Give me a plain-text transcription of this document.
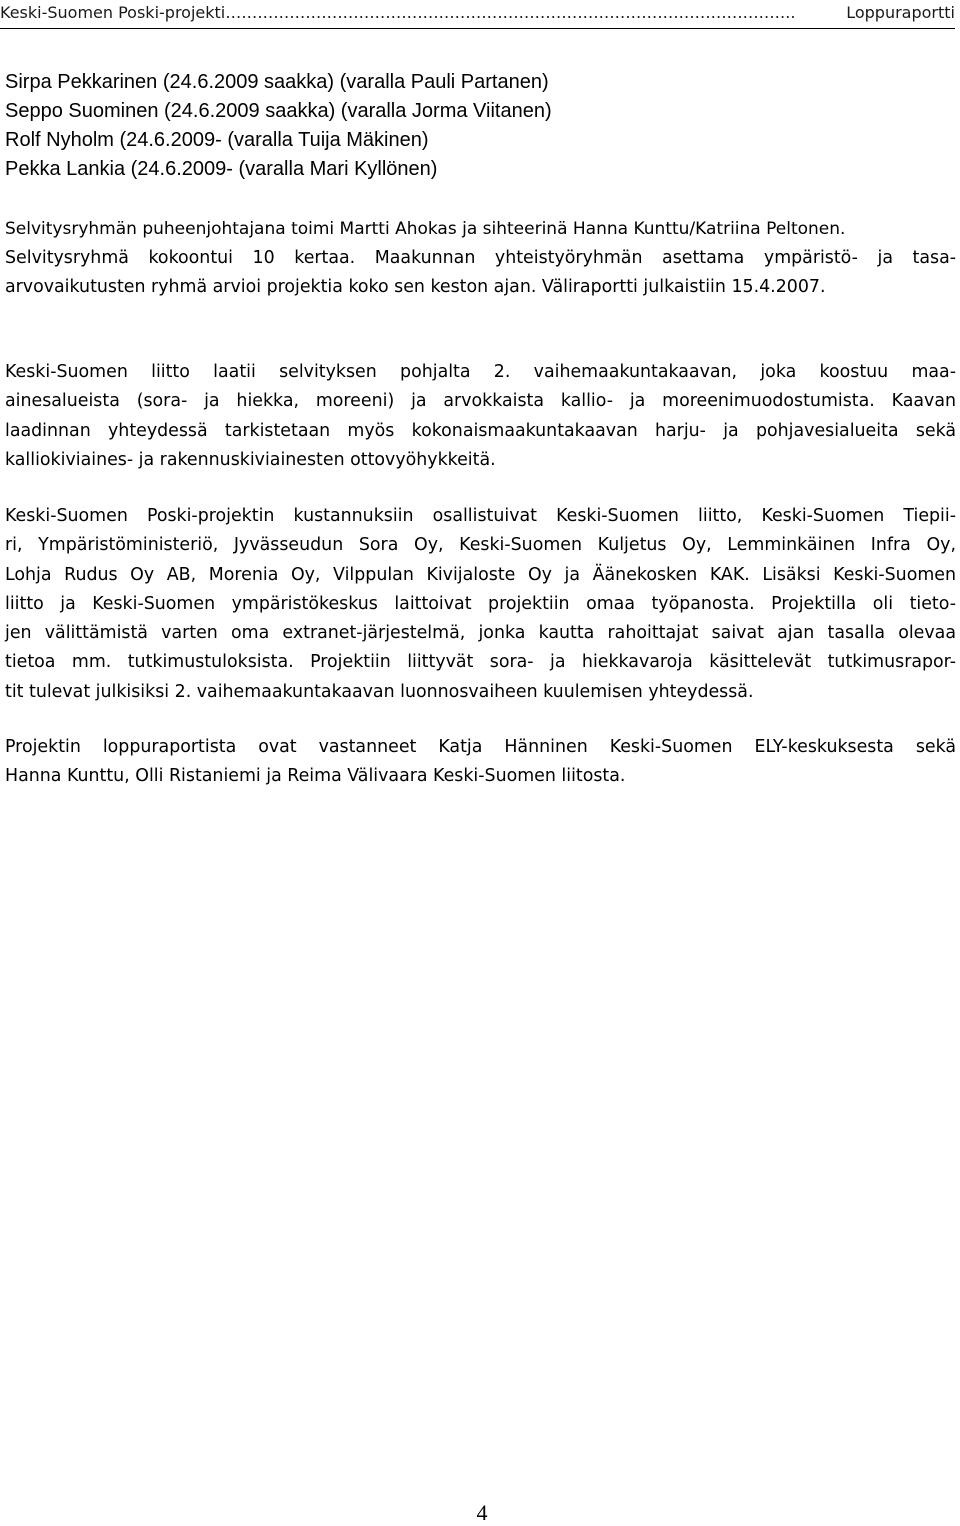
Keski-Suomen Poski-projekti……………………………………………………………………………………………..	Loppuraportti
Sirpa Pekkarinen (24.6.2009 saakka) (varalla Pauli Partanen)
Seppo Suominen (24.6.2009 saakka) (varalla Jorma Viitanen)
Rolf Nyholm (24.6.2009- (varalla Tuija Mäkinen)
Pekka Lankia (24.6.2009- (varalla Mari Kyllönen)
Selvitysryhmän puheenjohtajana toimi Martti Ahokas ja sihteerinä Hanna Kunttu/Katriina Peltonen.
Selvitysryhmä kokoontui 10 kertaa. Maakunnan yhteistyöryhmän asettama ympäristö- ja tasa-
arvovaikutusten ryhmä arvioi projektia koko sen keston ajan. Väliraportti julkaistiin 15.4.2007.
Keski-Suomen liitto laatii selvityksen pohjalta 2. vaihemaakuntakaavan, joka koostuu maa-
ainesalueista (sora- ja hiekka, moreeni) ja arvokkaista kallio- ja moreenimuodostumista. Kaavan
laadinnan yhteydessä tarkistetaan myös kokonaismaakuntakaavan harju- ja pohjavesialueita sekä
kalliokiviaines- ja rakennuskiviainesten ottovyöhykkeitä.
Keski-Suomen Poski-projektin kustannuksiin osallistuivat Keski-Suomen liitto, Keski-Suomen Tiepii-
ri, Ympäristöministeriö, Jyvässeudun Sora Oy, Keski-Suomen Kuljetus Oy, Lemminkäinen Infra Oy,
Lohja Rudus Oy AB, Morenia Oy, Vilppulan Kivijaloste Oy ja Äänekosken KAK. Lisäksi Keski-Suomen
liitto ja Keski-Suomen ympäristökeskus laittoivat projektiin omaa työpanosta. Projektilla oli tieto-
jen välittämistä varten oma extranet-järjestelmä, jonka kautta rahoittajat saivat ajan tasalla olevaa
tietoa mm. tutkimustuloksista. Projektiin liittyvät sora- ja hiekkavaroja käsittelevät tutkimusrapor-
tit tulevat julkisiksi 2. vaihemaakuntakaavan luonnosvaiheen kuulemisen yhteydessä.
Projektin loppuraportista ovat vastanneet Katja Hänninen Keski-Suomen ELY-keskuksesta sekä
Hanna Kunttu, Olli Ristaniemi ja Reima Välivaara Keski-Suomen liitosta.
4
